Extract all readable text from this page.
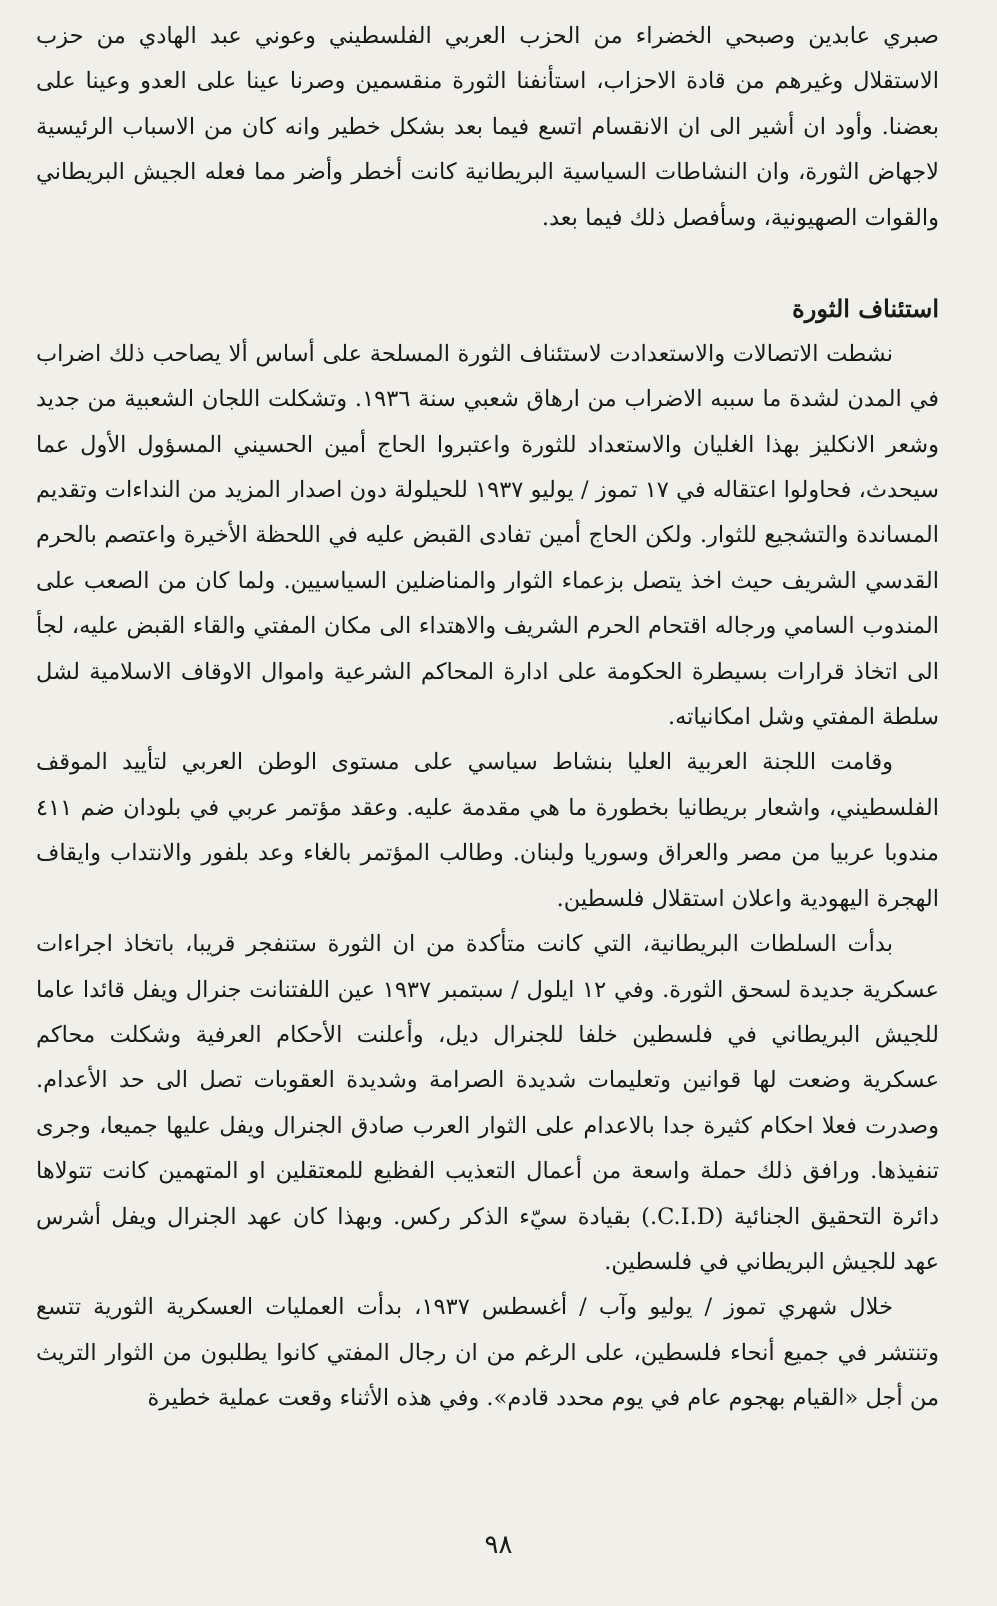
صبري عابدين وصبحي الخضراء من الحزب العربي الفلسطيني وعوني عبد الهادي من حزب الاستقلال وغيرهم من قادة الاحزاب، استأنفنا الثورة منقسمين وصرنا عينا على العدو وعينا على بعضنا. وأود ان أشير الى ان الانقسام اتسع فيما بعد بشكل خطير وانه كان من الاسباب الرئيسية لاجهاض الثورة، وان النشاطات السياسية البريطانية كانت أخطر وأضر مما فعله الجيش البريطاني والقوات الصهيونية، وسأفصل ذلك فيما بعد.

استئناف الثورة

نشطت الاتصالات والاستعدادت لاستئناف الثورة المسلحة على أساس ألا يصاحب ذلك اضراب في المدن لشدة ما سببه الاضراب من ارهاق شعبي سنة ١٩٣٦. وتشكلت اللجان الشعبية من جديد وشعر الانكليز بهذا الغليان والاستعداد للثورة واعتبروا الحاج أمين الحسيني المسؤول الأول عما سيحدث، فحاولوا اعتقاله في ١٧ تموز / يوليو ١٩٣٧ للحيلولة دون اصدار المزيد من النداءات وتقديم المساندة والتشجيع للثوار. ولكن الحاج أمين تفادى القبض عليه في اللحظة الأخيرة واعتصم بالحرم القدسي الشريف حيث اخذ يتصل بزعماء الثوار والمناضلين السياسيين. ولما كان من الصعب على المندوب السامي ورجاله اقتحام الحرم الشريف والاهتداء الى مكان المفتي والقاء القبض عليه، لجأ الى اتخاذ قرارات بسيطرة الحكومة على ادارة المحاكم الشرعية واموال الاوقاف الاسلامية لشل سلطة المفتي وشل امكانياته.

وقامت اللجنة العربية العليا بنشاط سياسي على مستوى الوطن العربي لتأييد الموقف الفلسطيني، واشعار بريطانيا بخطورة ما هي مقدمة عليه. وعقد مؤتمر عربي في بلودان ضم ٤١١ مندوبا عربيا من مصر والعراق وسوريا ولبنان. وطالب المؤتمر بالغاء وعد بلفور والانتداب وايقاف الهجرة اليهودية واعلان استقلال فلسطين.

بدأت السلطات البريطانية، التي كانت متأكدة من ان الثورة ستنفجر قريبا، باتخاذ اجراءات عسكرية جديدة لسحق الثورة. وفي ١٢ ايلول / سبتمبر ١٩٣٧ عين اللفتنانت جنرال ويفل قائدا عاما للجيش البريطاني في فلسطين خلفا للجنرال ديل، وأعلنت الأحكام العرفية وشكلت محاكم عسكرية وضعت لها قوانين وتعليمات شديدة الصرامة وشديدة العقوبات تصل الى حد الأعدام. وصدرت فعلا احكام كثيرة جدا بالاعدام على الثوار العرب صادق الجنرال ويفل عليها جميعا، وجرى تنفيذها. ورافق ذلك حملة واسعة من أعمال التعذيب الفظيع للمعتقلين او المتهمين كانت تتولاها دائرة التحقيق الجنائية (C.I.D.) بقيادة سيّء الذكر ركس. وبهذا كان عهد الجنرال ويفل أشرس عهد للجيش البريطاني في فلسطين.

خلال شهري تموز / يوليو وآب / أغسطس ١٩٣٧، بدأت العمليات العسكرية الثورية تتسع وتنتشر في جميع أنحاء فلسطين، على الرغم من ان رجال المفتي كانوا يطلبون من الثوار التريث من أجل «القيام بهجوم عام في يوم محدد قادم». وفي هذه الأثناء وقعت عملية خطيرة

٩٨
